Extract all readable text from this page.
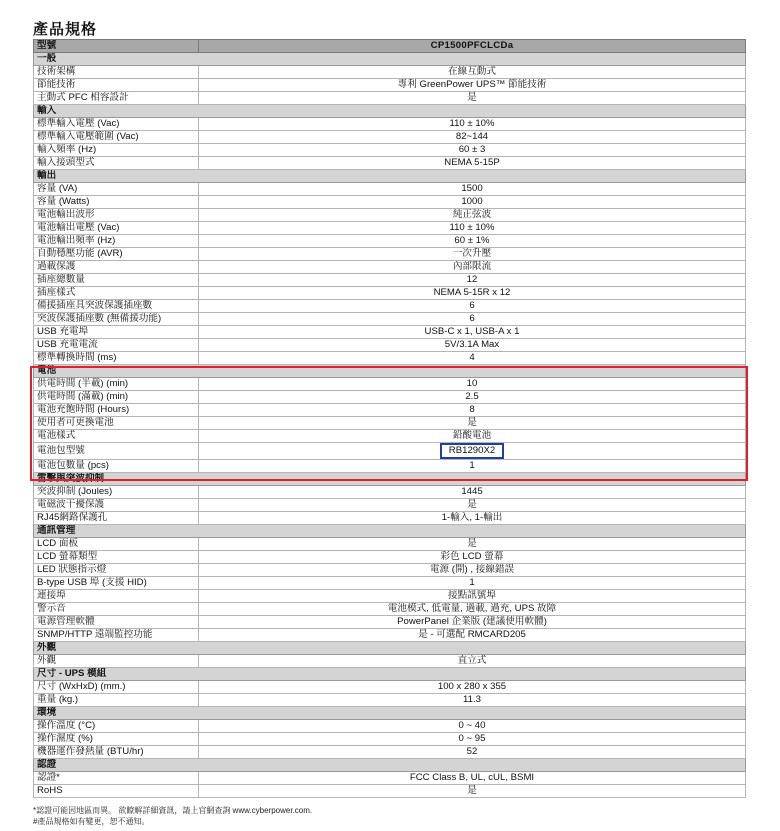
產品規格
型號	CP1500PFCLCDa
一般	
技術架構	在線互動式
節能技術	專利 GreenPower UPS™ 節能技術
主動式 PFC 相容設計	是
輸入	
標準輸入電壓 (Vac)	110 ± 10%
標準輸入電壓範圍 (Vac)	82~144
輸入頻率 (Hz)	60 ± 3
輸入接頭型式	NEMA 5-15P
輸出	
容量 (VA)	1500
容量 (Watts)	1000
電池輸出波形	純正弦波
電池輸出電壓 (Vac)	110 ± 10%
電池輸出頻率 (Hz)	60 ± 1%
自動穩壓功能 (AVR)	一次升壓
過載保護	內部限流
插座總數量	12
插座樣式	NEMA 5-15R x 12
備援插座具突波保護插座數	6
突波保護插座數 (無備援功能)	6
USB 充電埠	USB-C x 1, USB-A x 1
USB 充電電流	5V/3.1A Max
標準轉換時間 (ms)	4
電池	
供電時間 (半載) (min)	10
供電時間 (滿載) (min)	2.5
電池充飽時間 (Hours)	8
使用者可更換電池	是
電池樣式	鉛酸電池
電池包型號	RB1290X2
電池包數量 (pcs)	1
雷擊與突波抑制	
突波抑制 (Joules)	1445
電磁波干擾保護	是
RJ45網路保護孔	1-輸入, 1-輸出
通訊管理	
LCD 面板	是
LCD 螢幕類型	彩色 LCD 螢幕
LED 狀態指示燈	電源 (開) , 接線錯誤
B-type USB 埠 (支援 HID)	1
連接埠	接點訊號埠
警示音	電池模式, 低電量, 過載, 過充, UPS 故障
電源管理軟體	PowerPanel 企業版 (建議使用軟體)
SNMP/HTTP 遠端監控功能	是 - 可選配 RMCARD205
外觀	
外觀	直立式
尺寸 - UPS 模組	
尺寸 (WxHxD) (mm.)	100 x 280 x 355
重量 (kg.)	11.3
環境	
操作溫度 (°C)	0 ~ 40
操作濕度 (%)	0 ~ 95
機器運作發熱量 (BTU/hr)	52
認證	
認證*	FCC Class B, UL, cUL, BSMI
RoHS	是
*認證可能因地區而異。 欲瞭解詳細資訊，請上官網查詢 www.cyberpower.com.
#產品規格如有變更，恕不通知。
